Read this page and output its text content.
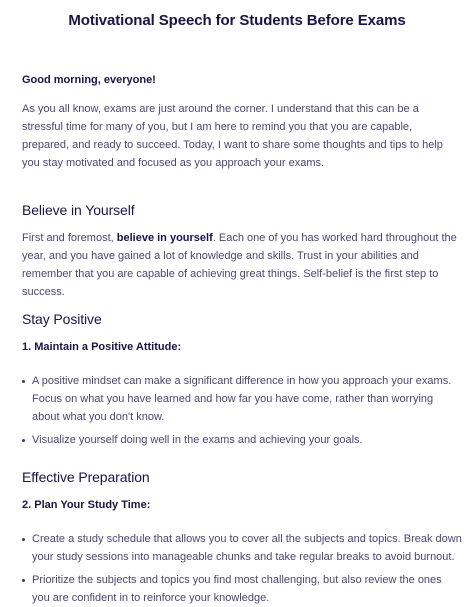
Motivational Speech for Students Before Exams
Good morning, everyone!
As you all know, exams are just around the corner. I understand that this can be a stressful time for many of you, but I am here to remind you that you are capable, prepared, and ready to succeed. Today, I want to share some thoughts and tips to help you stay motivated and focused as you approach your exams.
Believe in Yourself
First and foremost, believe in yourself. Each one of you has worked hard throughout the year, and you have gained a lot of knowledge and skills. Trust in your abilities and remember that you are capable of achieving great things. Self-belief is the first step to success.
Stay Positive
1. Maintain a Positive Attitude:
A positive mindset can make a significant difference in how you approach your exams. Focus on what you have learned and how far you have come, rather than worrying about what you don't know.
Visualize yourself doing well in the exams and achieving your goals.
Effective Preparation
2. Plan Your Study Time:
Create a study schedule that allows you to cover all the subjects and topics. Break down your study sessions into manageable chunks and take regular breaks to avoid burnout.
Prioritize the subjects and topics you find most challenging, but also review the ones you are confident in to reinforce your knowledge.
